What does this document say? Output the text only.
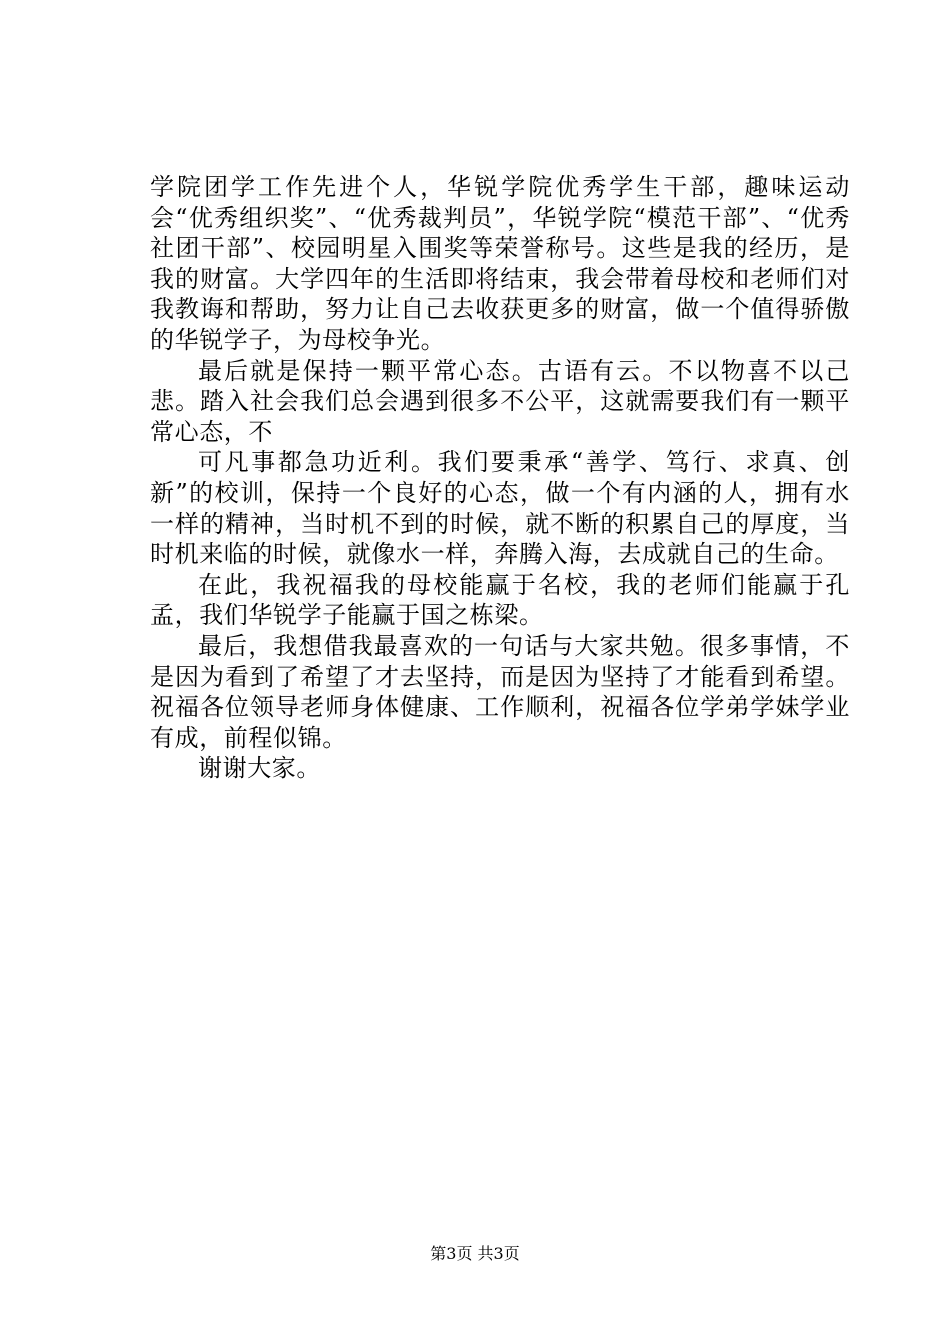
学院团学工作先进个人，华锐学院优秀学生干部，趣味运动会“优秀组织奖”、“优秀裁判员”，华锐学院“模范干部”、“优秀社团干部”、校园明星入围奖等荣誉称号。这些是我的经历，是我的财富。大学四年的生活即将结束，我会带着母校和老师们对我教诲和帮助，努力让自己去收获更多的财富，做一个值得骄傲的华锐学子，为母校争光。

最后就是保持一颗平常心态。古语有云。不以物喜不以己悲。踏入社会我们总会遇到很多不公平，这就需要我们有一颗平常心态，不

可凡事都急功近利。我们要秉承“善学、笃行、求真、创新”的校训，保持一个良好的心态，做一个有内涵的人，拥有水一样的精神，当时机不到的时候，就不断的积累自己的厚度，当时机来临的时候，就像水一样，奔腾入海，去成就自己的生命。

在此，我祝福我的母校能赢于名校，我的老师们能赢于孔孟，我们华锐学子能赢于国之栋梁。

最后，我想借我最喜欢的一句话与大家共勉。很多事情，不是因为看到了希望了才去坚持，而是因为坚持了才能看到希望。祝福各位领导老师身体健康、工作顺利，祝福各位学弟学妹学业有成，前程似锦。

谢谢大家。

第3页 共3页
